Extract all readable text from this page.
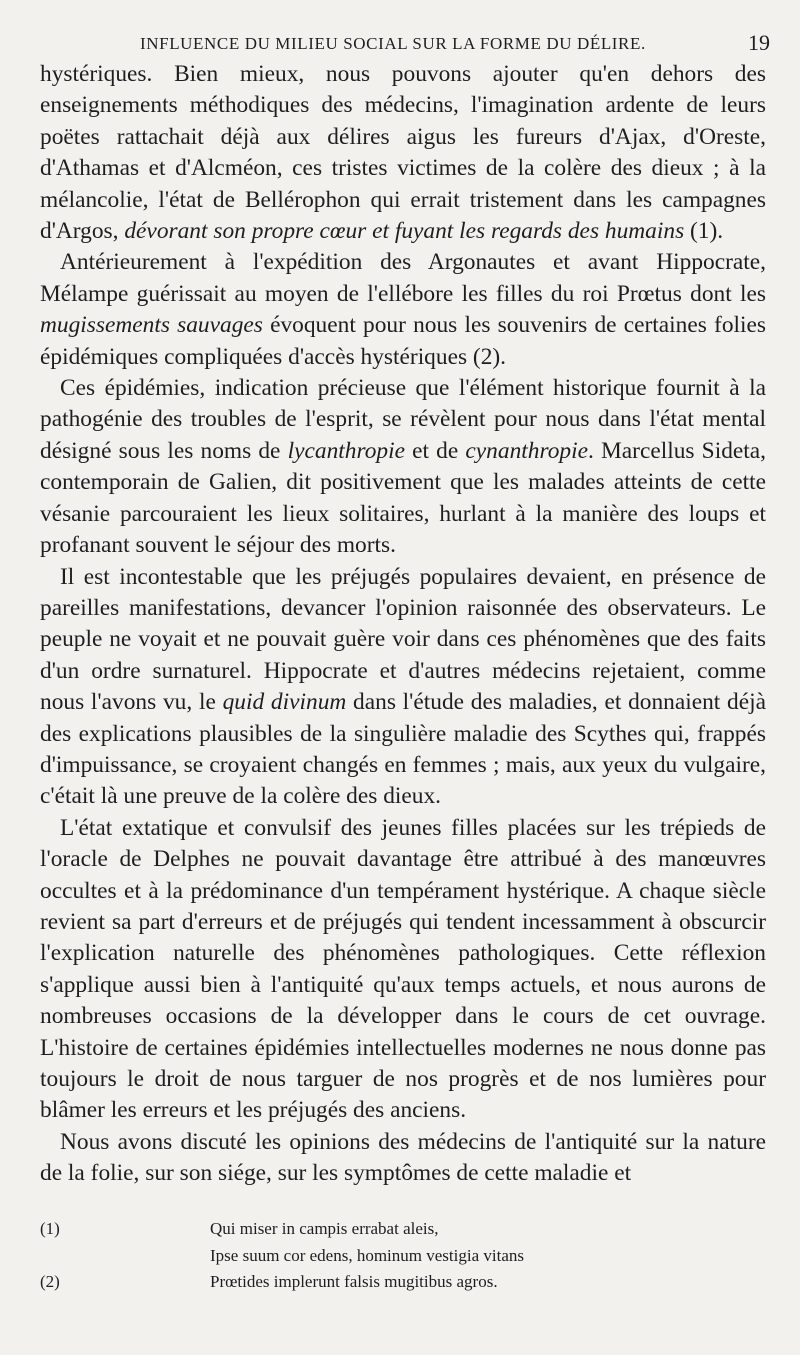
INFLUENCE DU MILIEU SOCIAL SUR LA FORME DU DÉLIRE.	19

hystériques. Bien mieux, nous pouvons ajouter qu'en dehors des enseignements méthodiques des médecins, l'imagination ardente de leurs poëtes rattachait déjà aux délires aigus les fureurs d'Ajax, d'Oreste, d'Athamas et d'Alcméon, ces tristes victimes de la colère des dieux ; à la mélancolie, l'état de Bellérophon qui errait tristement dans les campagnes d'Argos, dévorant son propre cœur et fuyant les regards des humains (1).

Antérieurement à l'expédition des Argonautes et avant Hippocrate, Mélampe guérissait au moyen de l'ellébore les filles du roi Prœtus dont les mugissements sauvages évoquent pour nous les souvenirs de certaines folies épidémiques compliquées d'accès hystériques (2).

Ces épidémies, indication précieuse que l'élément historique fournit à la pathogénie des troubles de l'esprit, se révèlent pour nous dans l'état mental désigné sous les noms de lycanthropie et de cynanthropie. Marcellus Sideta, contemporain de Galien, dit positivement que les malades atteints de cette vésanie parcouraient les lieux solitaires, hurlant à la manière des loups et profanant souvent le séjour des morts.

Il est incontestable que les préjugés populaires devaient, en présence de pareilles manifestations, devancer l'opinion raisonnée des observateurs. Le peuple ne voyait et ne pouvait guère voir dans ces phénomènes que des faits d'un ordre surnaturel. Hippocrate et d'autres médecins rejetaient, comme nous l'avons vu, le quid divinum dans l'étude des maladies, et donnaient déjà des explications plausibles de la singulière maladie des Scythes qui, frappés d'impuissance, se croyaient changés en femmes ; mais, aux yeux du vulgaire, c'était là une preuve de la colère des dieux.

L'état extatique et convulsif des jeunes filles placées sur les trépieds de l'oracle de Delphes ne pouvait davantage être attribué à des manœuvres occultes et à la prédominance d'un tempérament hystérique. A chaque siècle revient sa part d'erreurs et de préjugés qui tendent incessamment à obscurcir l'explication naturelle des phénomènes pathologiques. Cette réflexion s'applique aussi bien à l'antiquité qu'aux temps actuels, et nous aurons de nombreuses occasions de la développer dans le cours de cet ouvrage. L'histoire de certaines épidémies intellectuelles modernes ne nous donne pas toujours le droit de nous targuer de nos progrès et de nos lumières pour blâmer les erreurs et les préjugés des anciens.

Nous avons discuté les opinions des médecins de l'antiquité sur la nature de la folie, sur son siége, sur les symptômes de cette maladie et

(1)	Qui miser in campis errabat aleis,
Ipse suum cor edens, hominum vestigia vitans
(2)	Prœtides implerunt falsis mugitibus agros.
